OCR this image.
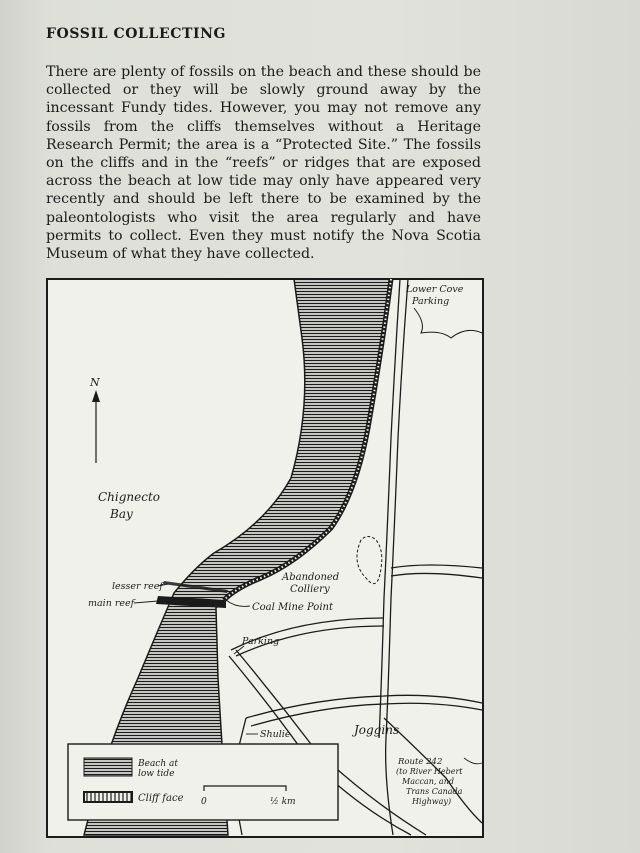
FOSSIL COLLECTING
There are plenty of fossils on the beach and these should be collected or they will be slowly ground away by the incessant Fundy tides. However, you may not remove any fossils from the cliffs themselves without a Heritage Research Permit; the area is a “Protected Site.” The fossils on the cliffs and in the “reefs” or ridges that are exposed across the beach at low tide may only have appeared very recently and should be left there to be examined by the paleontologists who visit the area regularly and have permits to collect. Even they must notify the Nova Scotia Museum of what they have collected.
N
Lower Cove
Parking
Chignecto
Bay
Abandoned
Colliery
lesser reef
main reef	Coal Mine Point
Parking
Shulie	Joggins
Route 242
(to River Hebert
Maccan, and
Trans Canada
Highway)
Beach at
low tide
Cliff face 0	½ km
